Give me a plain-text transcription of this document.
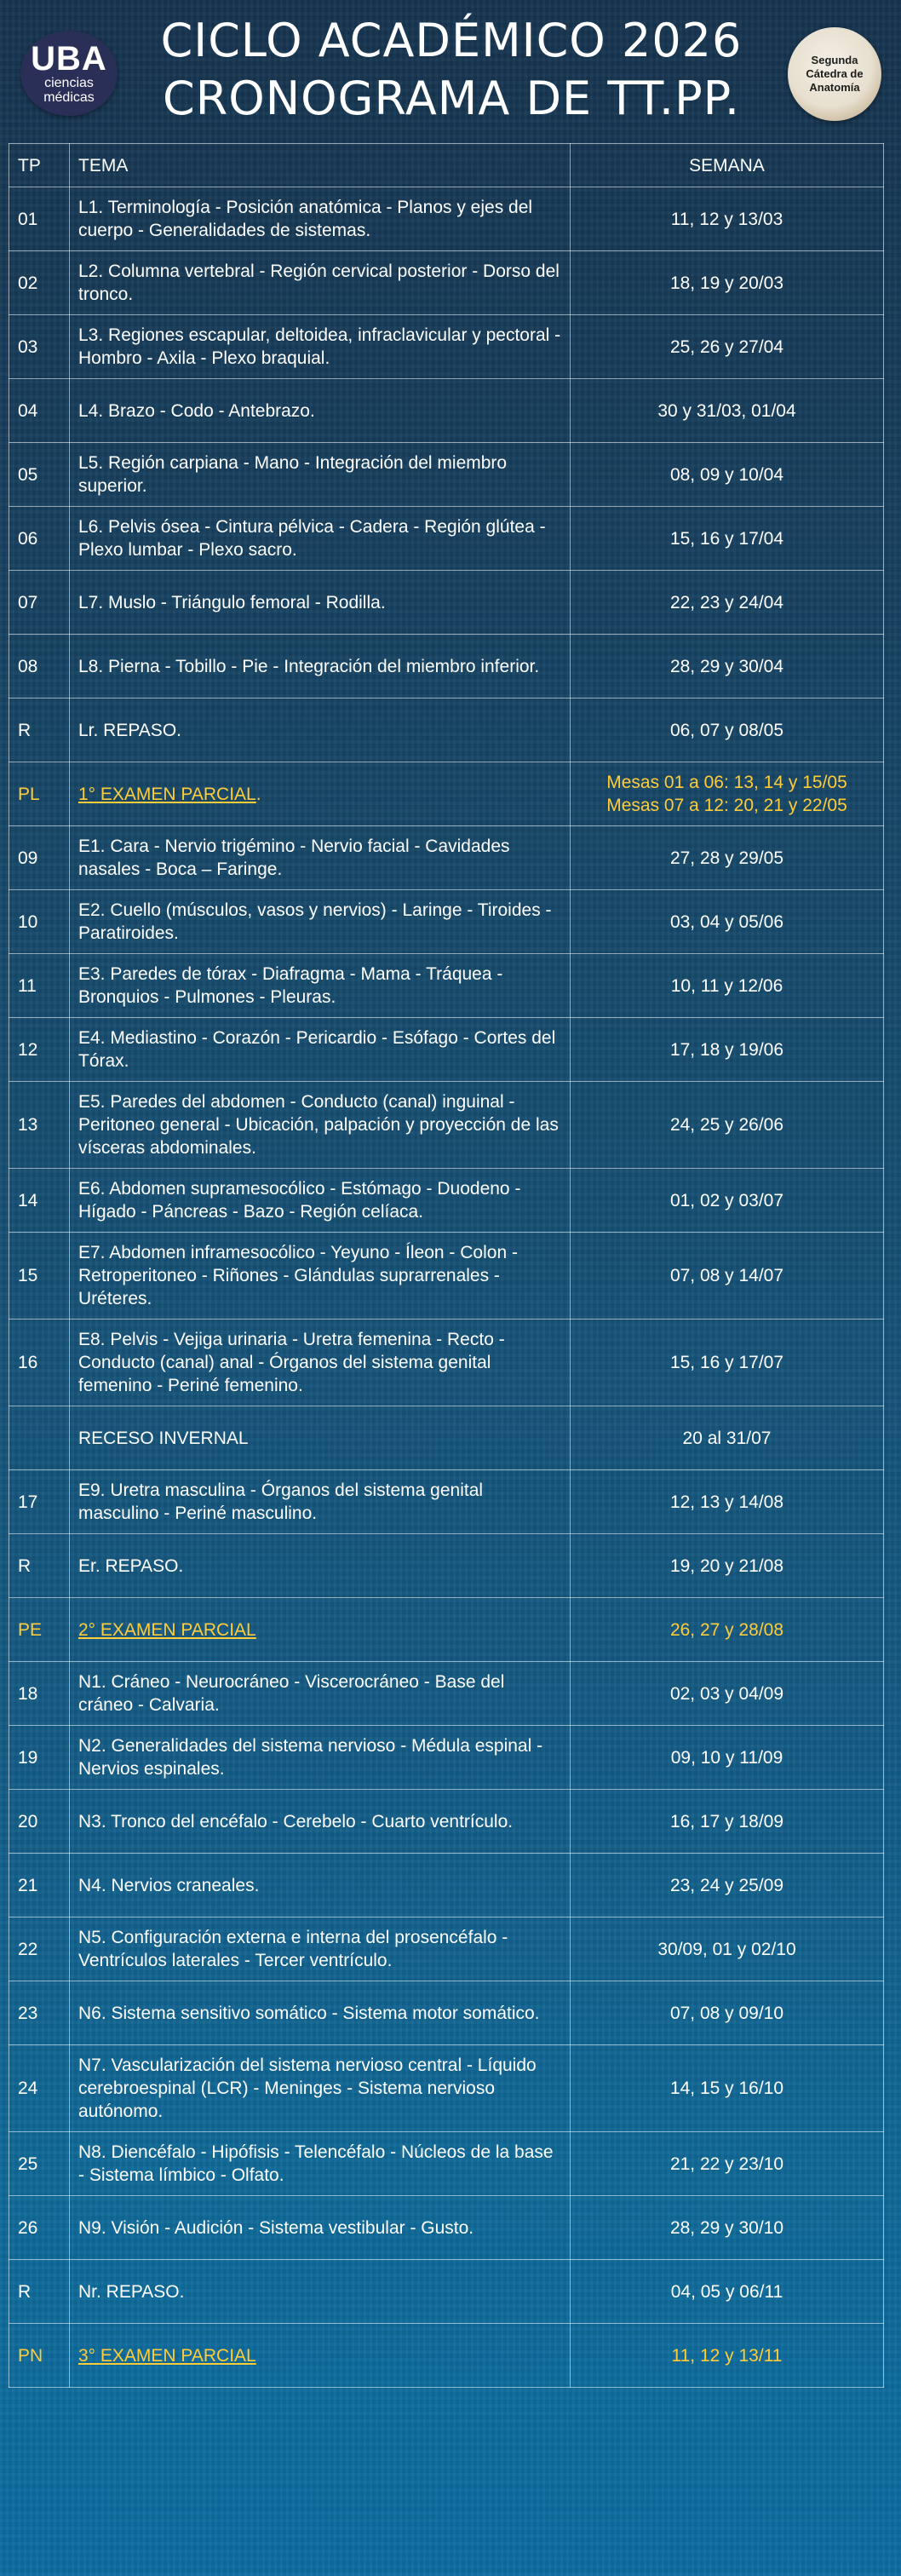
UBA
ciencias médicas
CICLO ACADÉMICO 2026
CRONOGRAMA DE TT.PP.
Segunda Cátedra de Anatomía
TP	TEMA	SEMANA
01	L1. Terminología - Posición anatómica - Planos y ejes del cuerpo - Generalidades de sistemas.	11, 12 y 13/03
02	L2. Columna vertebral - Región cervical posterior - Dorso del tronco.	18, 19 y 20/03
03	L3. Regiones escapular, deltoidea, infraclavicular y pectoral - Hombro - Axila - Plexo braquial.	25, 26 y 27/04
04	L4. Brazo - Codo - Antebrazo.	30 y 31/03, 01/04
05	L5. Región carpiana - Mano - Integración del miembro superior.	08, 09 y 10/04
06	L6. Pelvis ósea - Cintura pélvica - Cadera - Región glútea - Plexo lumbar - Plexo sacro.	15, 16 y 17/04
07	L7. Muslo - Triángulo femoral - Rodilla.	22, 23 y 24/04
08	L8. Pierna - Tobillo - Pie - Integración del miembro inferior.	28, 29 y 30/04
R	Lr. REPASO.	06, 07 y 08/05
PL	1° EXAMEN PARCIAL.	Mesas 01 a 06: 13, 14 y 15/05
Mesas 07 a 12: 20, 21 y 22/05

09	E1. Cara - Nervio trigémino - Nervio facial - Cavidades nasales - Boca – Faringe.	27, 28 y 29/05
10	E2. Cuello (músculos, vasos y nervios) - Laringe - Tiroides - Paratiroides.	03, 04 y 05/06
11	E3. Paredes de tórax - Diafragma - Mama - Tráquea - Bronquios - Pulmones - Pleuras.	10, 11 y 12/06
12	E4. Mediastino - Corazón - Pericardio - Esófago - Cortes del Tórax.	17, 18 y 19/06
13	E5. Paredes del abdomen - Conducto (canal) inguinal - Peritoneo general - Ubicación, palpación y proyección de las vísceras abdominales.	24, 25 y 26/06
14	E6. Abdomen supramesocólico - Estómago - Duodeno - Hígado - Páncreas - Bazo - Región celíaca.	01, 02 y 03/07
15	E7. Abdomen inframesocólico - Yeyuno - Íleon - Colon - Retroperitoneo - Riñones - Glándulas suprarrenales - Uréteres.	07, 08 y 14/07
16	E8. Pelvis - Vejiga urinaria - Uretra femenina - Recto - Conducto (canal) anal - Órganos del sistema genital femenino - Periné femenino.	15, 16 y 17/07
	RECESO INVERNAL	20 al 31/07
17	E9. Uretra masculina - Órganos del sistema genital masculino - Periné masculino.	12, 13 y 14/08
R	Er. REPASO.	19, 20 y 21/08
PE	2° EXAMEN PARCIAL	26, 27 y 28/08
18	N1. Cráneo - Neurocráneo - Viscerocráneo - Base del cráneo - Calvaria.	02, 03 y 04/09
19	N2. Generalidades del sistema nervioso - Médula espinal - Nervios espinales.	09, 10 y 11/09
20	N3. Tronco del encéfalo - Cerebelo - Cuarto ventrículo.	16, 17 y 18/09
21	N4. Nervios craneales.	23, 24 y 25/09
22	N5. Configuración externa e interna del prosencéfalo - Ventrículos laterales - Tercer ventrículo.	30/09, 01 y 02/10
23	N6. Sistema sensitivo somático - Sistema motor somático.	07, 08 y 09/10
24	N7. Vascularización del sistema nervioso central - Líquido cerebroespinal (LCR) - Meninges - Sistema nervioso autónomo.	14, 15 y 16/10
25	N8. Diencéfalo - Hipófisis - Telencéfalo - Núcleos de la base - Sistema límbico - Olfato.	21, 22 y 23/10
26	N9. Visión - Audición - Sistema vestibular - Gusto.	28, 29 y 30/10
R	Nr. REPASO.	04, 05 y 06/11
PN	3° EXAMEN PARCIAL	11, 12 y 13/11
